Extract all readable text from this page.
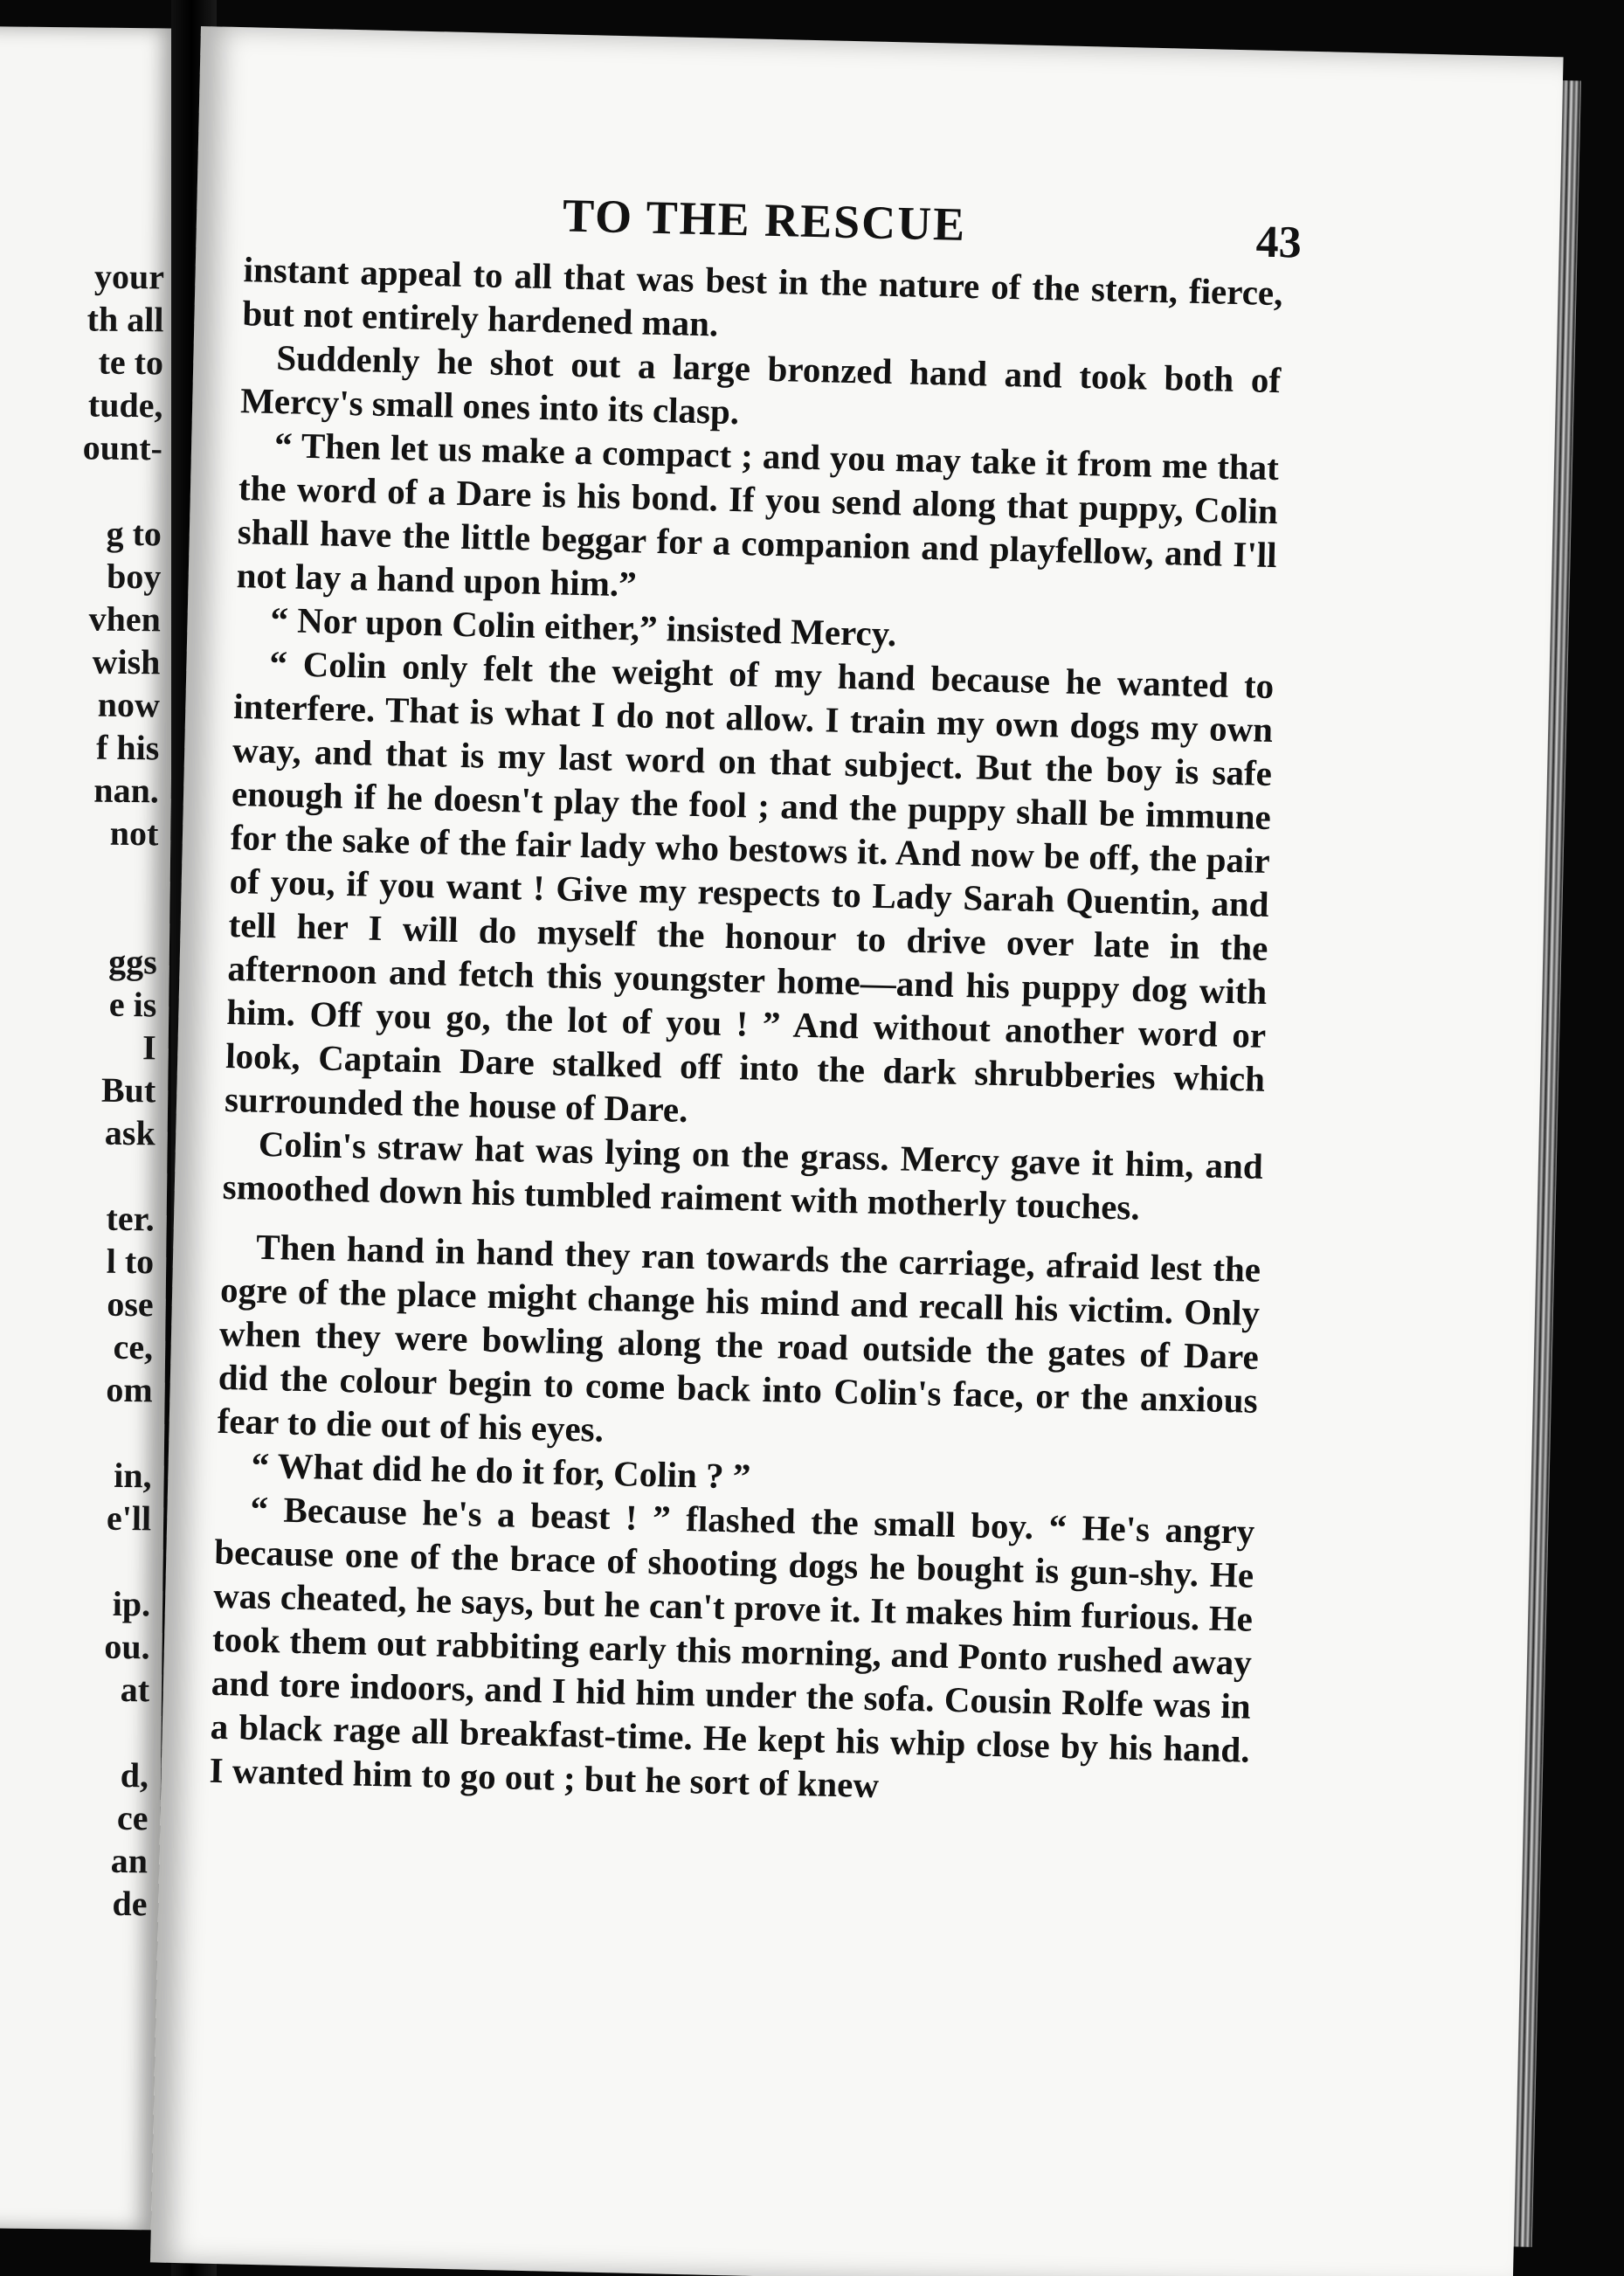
your
th all
te to
tude,
ount-
g to
boy
vhen
wish
now
f his
nan.
not
ggs
e is
I
But
ask
ter.
l to
ose
ce,
om
in,
e'll
ip.
ou.
at
d,
ce
an
de
TO THE RESCUE	43

instant appeal to all that was best in the nature of the stern, fierce, but not entirely hardened man.

Suddenly he shot out a large bronzed hand and took both of Mercy's small ones into its clasp.

“ Then let us make a compact ; and you may take it from me that the word of a Dare is his bond. If you send along that puppy, Colin shall have the little beggar for a companion and playfellow, and I'll not lay a hand upon him.”

“ Nor upon Colin either,” insisted Mercy.

“ Colin only felt the weight of my hand because he wanted to interfere. That is what I do not allow. I train my own dogs my own way, and that is my last word on that subject. But the boy is safe enough if he doesn't play the fool ; and the puppy shall be immune for the sake of the fair lady who bestows it. And now be off, the pair of you, if you want ! Give my respects to Lady Sarah Quentin, and tell her I will do myself the honour to drive over late in the afternoon and fetch this youngster home—and his puppy dog with him. Off you go, the lot of you ! ” And without another word or look, Captain Dare stalked off into the dark shrubberies which surrounded the house of Dare.

Colin's straw hat was lying on the grass. Mercy gave it him, and smoothed down his tumbled raiment with motherly touches.

Then hand in hand they ran towards the carriage, afraid lest the ogre of the place might change his mind and recall his victim. Only when they were bowling along the road outside the gates of Dare did the colour begin to come back into Colin's face, or the anxious fear to die out of his eyes.

“ What did he do it for, Colin ? ”

“ Because he's a beast ! ” flashed the small boy. “ He's angry because one of the brace of shooting dogs he bought is gun-shy. He was cheated, he says, but he can't prove it. It makes him furious. He took them out rabbiting early this morning, and Ponto rushed away and tore indoors, and I hid him under the sofa. Cousin Rolfe was in a black rage all breakfast-time. He kept his whip close by his hand. I wanted him to go out ; but he sort of knew
